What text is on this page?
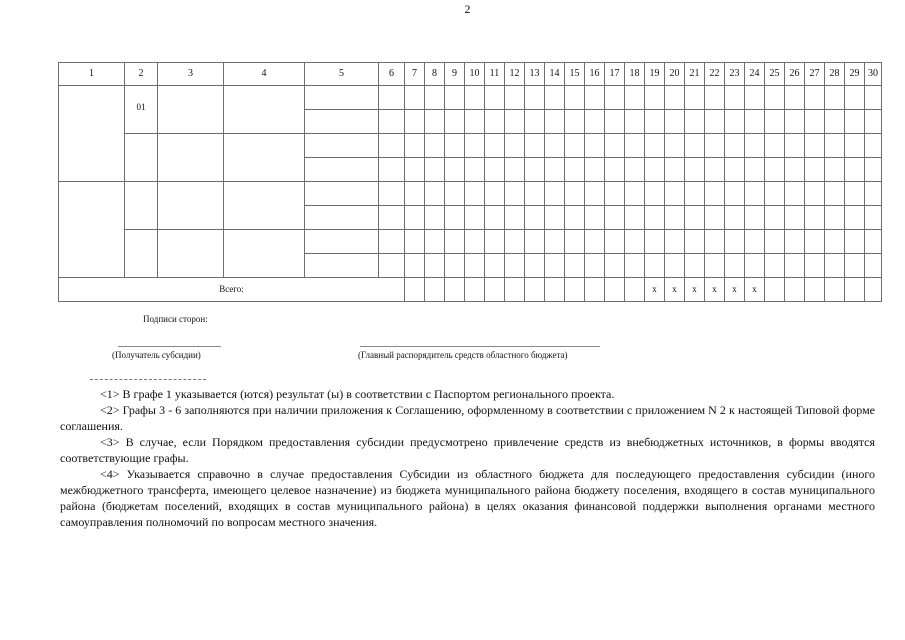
2
1	2	3	4	5	6	7	8	9	10	11	12	13	14	15	16	17	18	19	20	21	22	23	24	25	26	27	28	29	30

	01																												

Всего:																		x	x	x	x	x	x						
Подписи сторон:
(Получатель субсидии)	(Главный распорядитель средств областного бюджета)

<1> В графе 1 указывается (ются) результат (ы) в соответствии с Паспортом регионального проекта.

<2> Графы 3 - 6 заполняются при наличии приложения к Соглашению, оформленному в соответствии с приложением N 2 к настоящей Типовой форме соглашения.

<3> В случае, если Порядком предоставления субсидии предусмотрено привлечение средств из внебюджетных источников, в формы вводятся соответствующие графы.

<4> Указывается справочно в случае предоставления Субсидии из областного бюджета для последующего предоставления субсидии (иного межбюджетного трансферта, имеющего целевое назначение) из бюджета муниципального района бюджету поселения, входящего в состав муниципального района (бюджетам поселений, входящих в состав муниципального района) в целях оказания финансовой поддержки выполнения органами местного самоуправления полномочий по вопросам местного значения.
